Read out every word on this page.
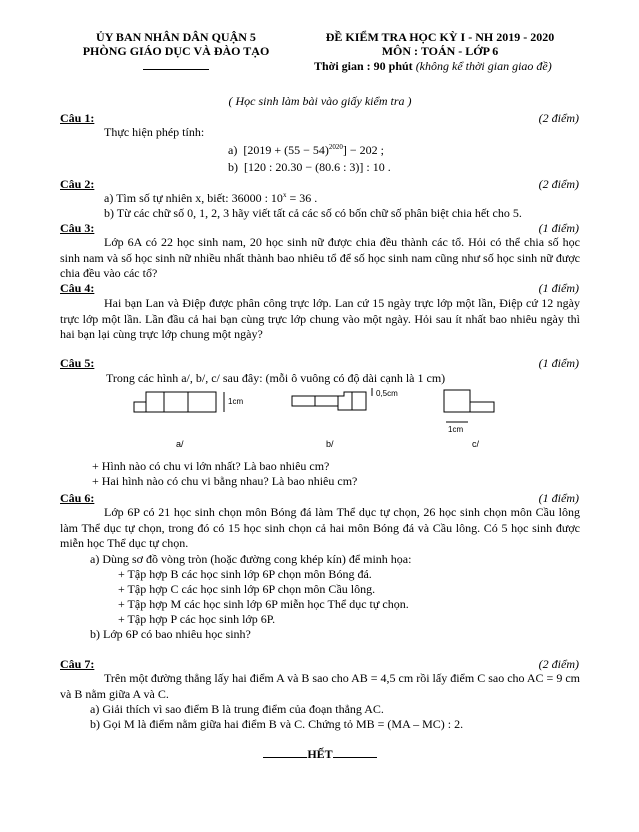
ỦY BAN NHÂN DÂN QUẬN 5
PHÒNG GIÁO DỤC VÀ ĐÀO TẠO
ĐỀ KIỂM TRA HỌC KỲ I - NH 2019 - 2020
MÔN : TOÁN - LỚP 6
Thời gian : 90 phút (không kể thời gian giao đề)
( Học sinh làm bài vào giấy kiểm tra )
Câu 1:	(2 điểm)
Thực hiện phép tính:
a) $[2019 + (55 - 54)^{2020}] - 202$ ;
b) [120 : 20.30 − (80.6 : 3)] : 10 .
Câu 2:	(2 điểm)
a) Tìm số tự nhiên x, biết: 36000 : $10^x = 36$ .
b) Từ các chữ số 0, 1, 2, 3 hãy viết tất cả các số có bốn chữ số phân biệt chia hết cho 5.
Câu 3:	(1 điểm)
Lớp 6A có 22 học sinh nam, 20 học sinh nữ được chia đều thành các tổ. Hỏi có thể chia số học sinh nam và số học sinh nữ nhiều nhất thành bao nhiêu tổ để số học sinh nam cũng như số học sinh nữ được chia đều vào các tổ?
Câu 4:	(1 điểm)
Hai bạn Lan và Điệp được phân công trực lớp. Lan cứ 15 ngày trực lớp một lần, Điệp cứ 12 ngày trực lớp một lần. Lần đầu cả hai bạn cùng trực lớp chung vào một ngày. Hỏi sau ít nhất bao nhiêu ngày thì hai bạn lại cùng trực lớp chung một ngày?
Câu 5:	(1 điểm)
Trong các hình a/, b/, c/ sau đây: (mỗi ô vuông có độ dài cạnh là 1 cm)
1cm
0,5cm
1cm
a/	b/	c/
+ Hình nào có chu vi lớn nhất? Là bao nhiêu cm?
+ Hai hình nào có chu vi bằng nhau? Là bao nhiêu cm?
Câu 6:	(1 điểm)
Lớp 6P có 21 học sinh chọn môn Bóng đá làm Thể dục tự chọn, 26 học sinh chọn môn Cầu lông làm Thể dục tự chọn, trong đó có 15 học sinh chọn cả hai môn Bóng đá và Cầu lông. Có 5 học sinh được miễn học Thể dục tự chọn.
a) Dùng sơ đồ vòng tròn (hoặc đường cong khép kín) để minh họa:
+ Tập hợp B các học sinh lớp 6P chọn môn Bóng đá.
+ Tập hợp C các học sinh lớp 6P chọn môn Cầu lông.
+ Tập hợp M các học sinh lớp 6P miễn học Thể dục tự chọn.
+ Tập hợp P các học sinh lớp 6P.
b) Lớp 6P có bao nhiêu học sinh?
Câu 7:	(2 điểm)
Trên một đường thẳng lấy hai điểm A và B sao cho AB = 4,5 cm rồi lấy điểm C sao cho AC = 9 cm và B nằm giữa A và C.
a) Giải thích vì sao điểm B là trung điểm của đoạn thẳng AC.
b) Gọi M là điểm nằm giữa hai điểm B và C. Chứng tỏ MB = (MA – MC) : 2.
HẾT
